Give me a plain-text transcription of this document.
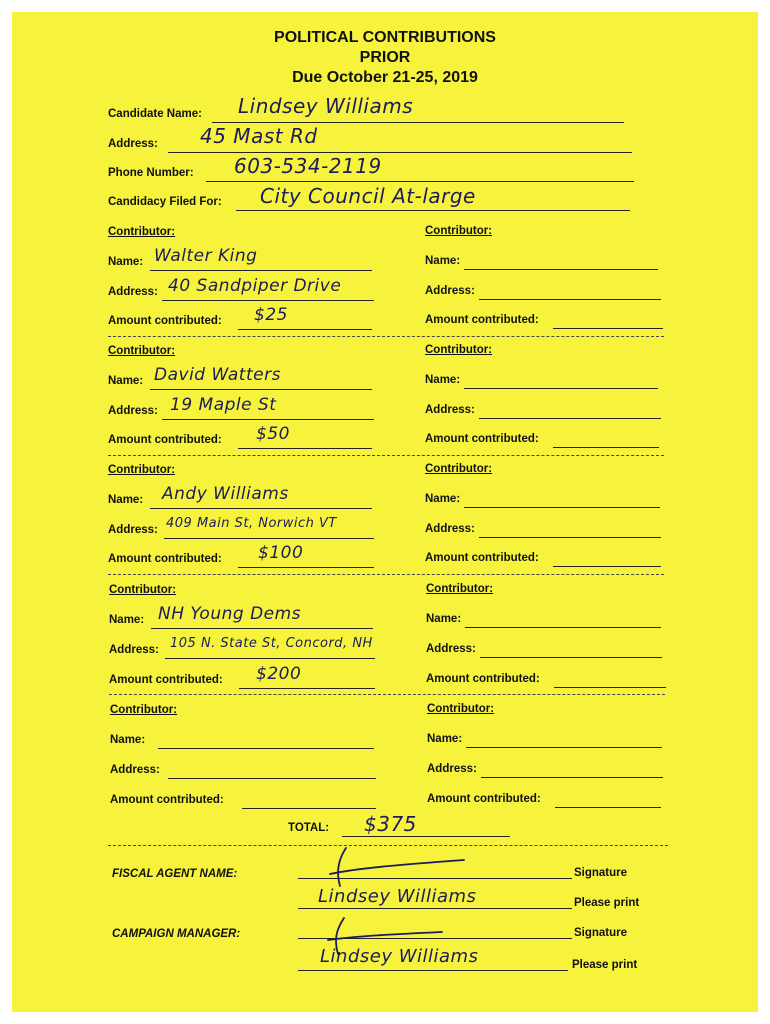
POLITICAL CONTRIBUTIONS
PRIOR
Due October 21-25, 2019
Candidate Name: Lindsey Williams
Address: 45 Mast Rd
Phone Number: 603-534-2119
Candidacy Filed For: City Council At-large
Contributor:	Contributor:
Name: Walter King	Name:
Address: 40 Sandpiper Drive	Address:
Amount contributed: $25	Amount contributed:
Contributor:	Contributor:
Name: David Watters	Name:
Address: 19 Maple St	Address:
Amount contributed: $50	Amount contributed:
Contributor:	Contributor:
Name: Andy Williams	Name:
Address: 409 Main St, Norwich VT	Address:
Amount contributed: $100	Amount contributed:
Contributor:	Contributor:
Name: NH Young Dems	Name:
Address: 105 N. State St, Concord, NH	Address:
Amount contributed: $200	Amount contributed:
Contributor:	Contributor:
Name:	Name:
Address:	Address:
Amount contributed:	Amount contributed:
TOTAL: $375
FISCAL AGENT NAME:	Signature
Lindsey Williams	Please print
CAMPAIGN MANAGER:	Signature
Lindsey Williams	Please print
